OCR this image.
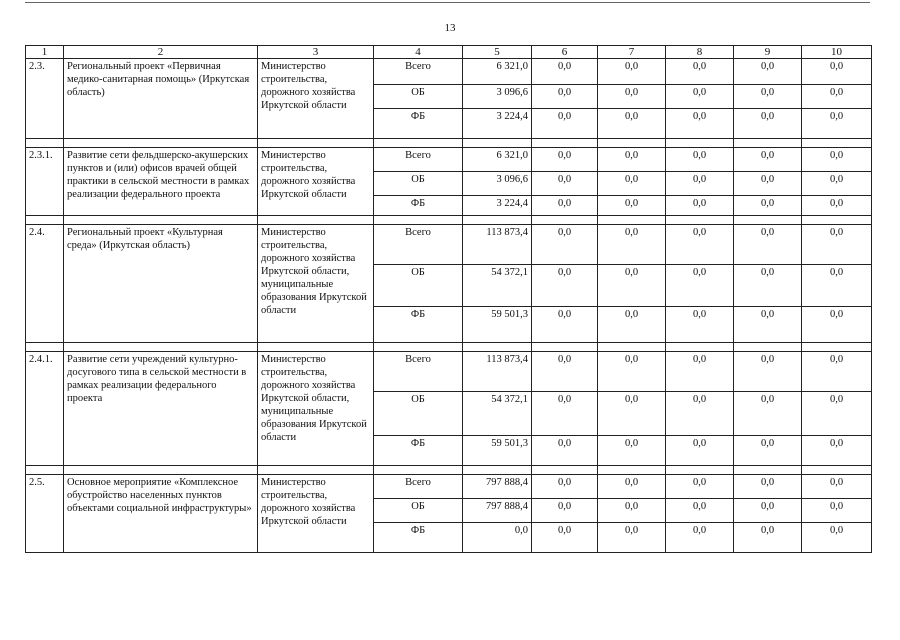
13
1	2	3	4	5	6	7	8	9	10
2.3.	Региональный проект «Первичная медико-санитарная помощь» (Иркутская область)	Министерство строительства, дорожного хозяйства Иркутской области	Всего	6 321,0	0,0	0,0	0,0	0,0	0,0
			ОБ	3 096,6	0,0	0,0	0,0	0,0	0,0
			ФБ	3 224,4	0,0	0,0	0,0	0,0	0,0

2.3.1.	Развитие сети фельдшерско-акушерских пунктов и (или) офисов врачей общей практики в сельской местности в рамках реализации федерального проекта	Министерство строительства, дорожного хозяйства Иркутской области	Всего	6 321,0	0,0	0,0	0,0	0,0	0,0
			ОБ	3 096,6	0,0	0,0	0,0	0,0	0,0
			ФБ	3 224,4	0,0	0,0	0,0	0,0	0,0

2.4.	Региональный проект «Культурная среда» (Иркутская область)	Министерство строительства, дорожного хозяйства Иркутской области, муниципальные образования Иркутской области	Всего	113 873,4	0,0	0,0	0,0	0,0	0,0
			ОБ	54 372,1	0,0	0,0	0,0	0,0	0,0
			ФБ	59 501,3	0,0	0,0	0,0	0,0	0,0

2.4.1.	Развитие сети учреждений культурно-досугового типа в сельской местности в рамках реализации федерального проекта	Министерство строительства, дорожного хозяйства Иркутской области, муниципальные образования Иркутской области	Всего	113 873,4	0,0	0,0	0,0	0,0	0,0
			ОБ	54 372,1	0,0	0,0	0,0	0,0	0,0
			ФБ	59 501,3	0,0	0,0	0,0	0,0	0,0

2.5.	Основное мероприятие «Комплексное обустройство населенных пунктов объектами социальной инфраструктуры»	Министерство строительства, дорожного хозяйства Иркутской области	Всего	797 888,4	0,0	0,0	0,0	0,0	0,0
			ОБ	797 888,4	0,0	0,0	0,0	0,0	0,0
			ФБ	0,0	0,0	0,0	0,0	0,0	0,0
